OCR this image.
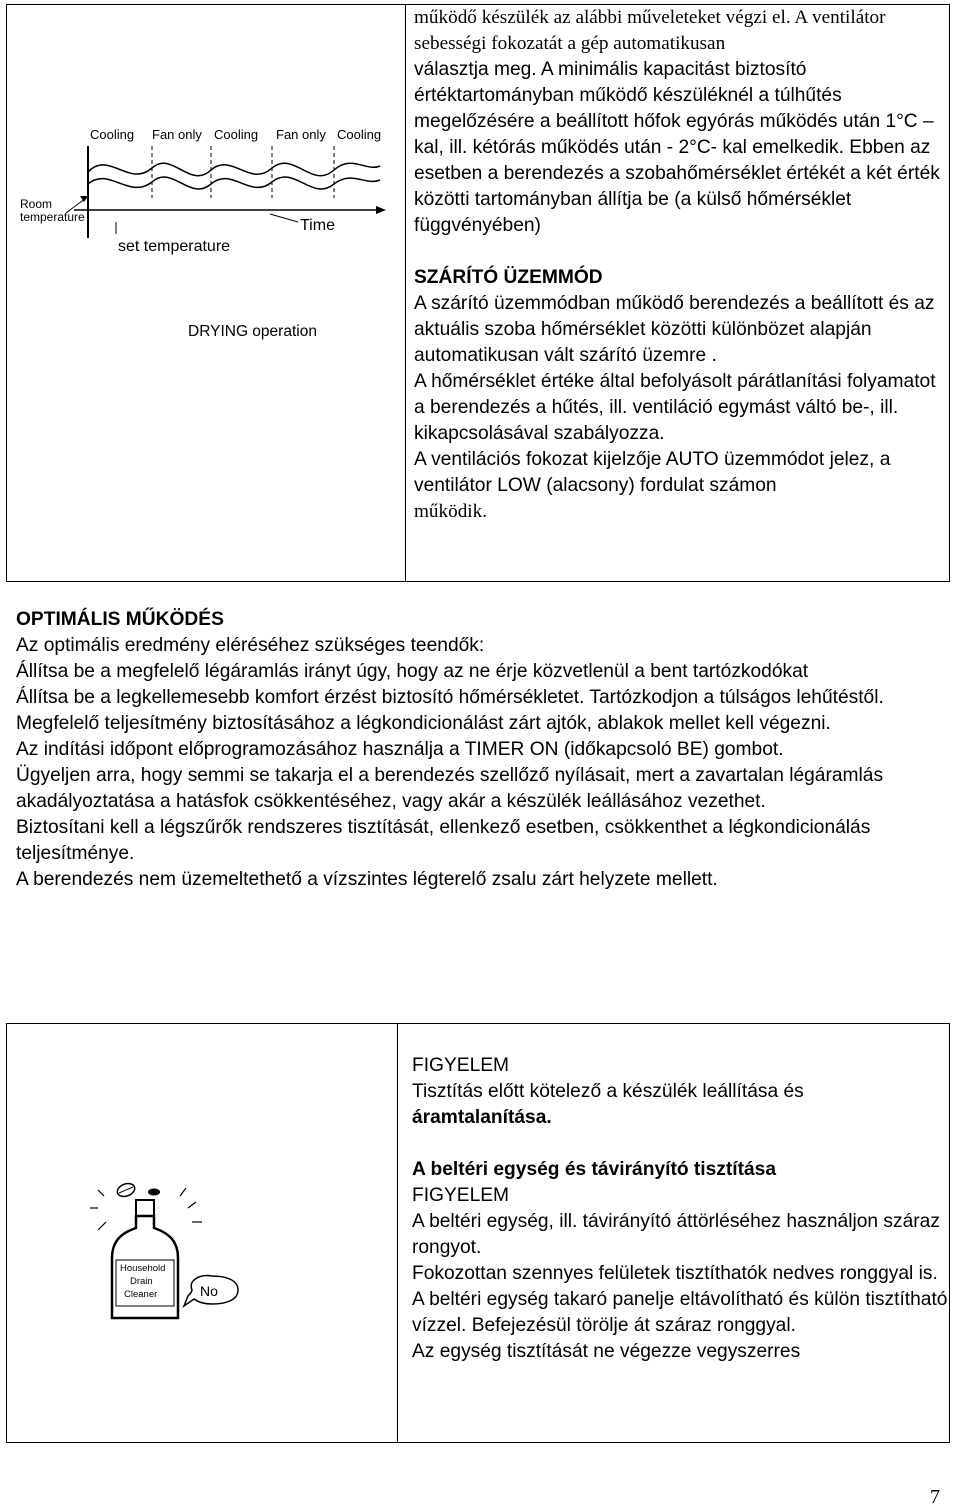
Cooling Fan only Cooling Fan only Cooling
Room
temperature	Time
set temperature
DRYING operation

működő készülék az alábbi műveleteket végzi el. A ventilátor sebességi fokozatát a gép automatikusan

választja meg. A minimális kapacitást biztosító értéktartományban működő készüléknél a túlhűtés megelőzésére a beállított hőfok egyórás működés után 1°C –kal, ill. kétórás működés után - 2°C- kal emelkedik. Ebben az esetben a berendezés a szobahőmérséklet értékét a két érték közötti tartományban állítja be (a külső hőmérséklet függvényében)

SZÁRÍTÓ ÜZEMMÓD

A szárító üzemmódban működő berendezés a beállított és az aktuális szoba hőmérséklet közötti különbözet alapján automatikusan vált szárító üzemre .

A hőmérséklet értéke által befolyásolt párátlanítási folyamatot a berendezés a hűtés, ill. ventiláció egymást váltó be-, ill. kikapcsolásával szabályozza.

A ventilációs fokozat kijelzője AUTO üzemmódot jelez, a ventilátor LOW (alacsony) fordulat számon

működik.

OPTIMÁLIS MŰKÖDÉS

Az optimális eredmény eléréséhez szükséges teendők:

Állítsa be a megfelelő légáramlás irányt úgy, hogy az ne érje közvetlenül a bent tartózkodókat

Állítsa be a legkellemesebb komfort érzést biztosító hőmérsékletet. Tartózkodjon a túlságos lehűtéstől.

Megfelelő teljesítmény biztosításához a légkondicionálást zárt ajtók, ablakok mellet kell végezni.

Az indítási időpont előprogramozásához használja a TIMER ON (időkapcsoló BE) gombot.

Ügyeljen arra, hogy semmi se takarja el a berendezés szellőző nyílásait, mert a zavartalan légáramlás akadályoztatása a hatásfok csökkentéséhez, vagy akár a készülék leállásához vezethet.

Biztosítani kell a légszűrők rendszeres tisztítását, ellenkező esetben, csökkenthet a légkondicionálás teljesítménye.

A berendezés nem üzemeltethető a vízszintes légterelő zsalu zárt helyzete mellett.

Household
Drain
Cleaner	No

FIGYELEM

Tisztítás előtt kötelező a készülék leállítása és

áramtalanítása.

A beltéri egység és távirányító tisztítása

FIGYELEM

A beltéri egység, ill. távirányító áttörléséhez használjon száraz rongyot.

Fokozottan szennyes felületek tisztíthatók nedves ronggyal is.

A beltéri egység takaró panelje eltávolítható és külön tisztítható vízzel. Befejezésül törölje át száraz ronggyal.

Az egység tisztítását ne végezze vegyszerres

7
